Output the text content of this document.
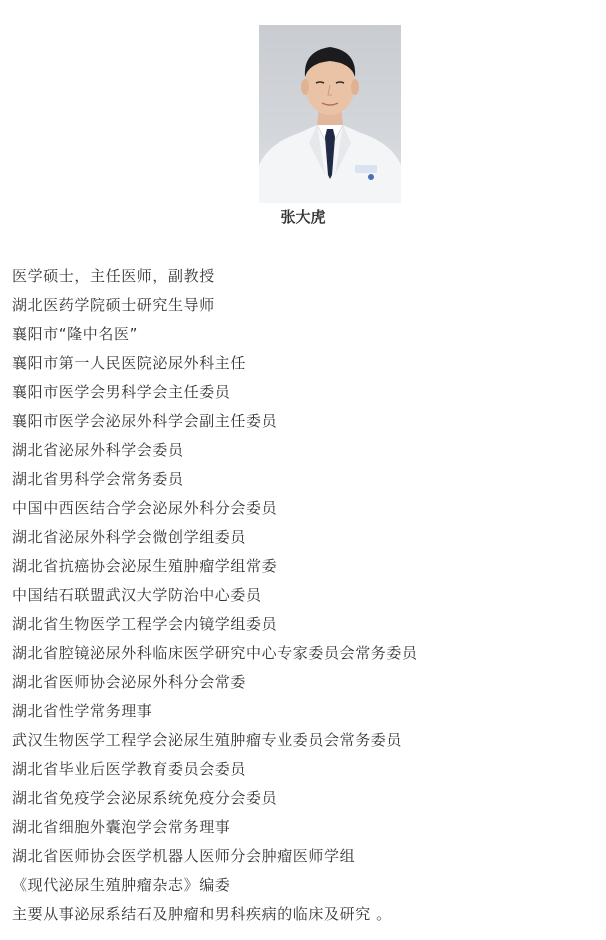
张大虎
医学硕士，主任医师，副教授
湖北医药学院硕士研究生导师
襄阳市“隆中名医”
襄阳市第一人民医院泌尿外科主任
襄阳市医学会男科学会主任委员
襄阳市医学会泌尿外科学会副主任委员
湖北省泌尿外科学会委员
湖北省男科学会常务委员
中国中西医结合学会泌尿外科分会委员
湖北省泌尿外科学会微创学组委员
湖北省抗癌协会泌尿生殖肿瘤学组常委
中国结石联盟武汉大学防治中心委员
湖北省生物医学工程学会内镜学组委员
湖北省腔镜泌尿外科临床医学研究中心专家委员会常务委员
湖北省医师协会泌尿外科分会常委
湖北省性学常务理事
武汉生物医学工程学会泌尿生殖肿瘤专业委员会常务委员
湖北省毕业后医学教育委员会委员
湖北省免疫学会泌尿系统免疫分会委员
湖北省细胞外囊泡学会常务理事
湖北省医师协会医学机器人医师分会肿瘤医师学组
《现代泌尿生殖肿瘤杂志》编委
主要从事泌尿系结石及肿瘤和男科疾病的临床及研究 。
